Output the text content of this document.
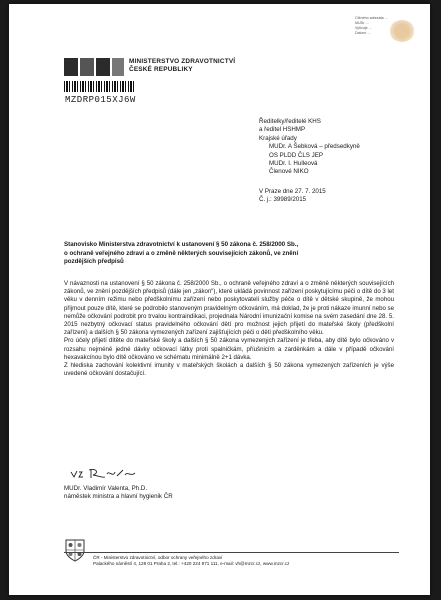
MINISTERSTVO ZDRAVOTNICTVÍ
ČESKÉ REPUBLIKY
MZDRP015XJ6W
Ctěného adresáta ...
MUDr. ...
Vyřizuje ...
Datum: ...
Ředitelky/ředitelé KHS
a ředitel HSHMP
Krajské úřady
MUDr. A Šebková – předsedkyně
OS PLDD ČLS JEP
MUDr. I. Hulleová
Členové NIKO
V Praze dne 27. 7. 2015
Č. j.: 39989/2015
Stanovisko Ministerstva zdravotnictví k ustanovení § 50 zákona č. 258/2000 Sb.,
o ochraně veřejného zdraví a o změně některých souvisejících zákonů, ve znění
pozdějších předpisů

V návaznosti na ustanovení § 50 zákona č. 258/2000 Sb., o ochraně veřejného zdraví a o změně některých souvisejících zákonů, ve znění pozdějších předpisů (dále jen „zákon“), které ukládá povinnost zařízení poskytujícímu péči o dítě do 3 let věku v denním režimu nebo předškolnímu zařízení nebo poskytovateli služby péče o dítě v dětské skupině, že mohou přijmout pouze dítě, které se podrobilo stanoveným pravidelným očkováním, má doklad, že je proti nákaze imunní nebo se nemůže očkování podrobit pro trvalou kontraindikaci, projednala Národní imunizační komise na svém zasedání dne 28. 5. 2015 nezbytný očkovací status pravidelného očkování dětí pro možnost jejich přijetí do mateřské školy (předškolní zařízení) a dalších § 50 zákona vymezených zařízení zajišťujících péči o děti předškolního věku.

Pro účely přijetí dítěte do mateřské školy a dalších § 50 zákona vymezených zařízení je třeba, aby dítě bylo očkováno v rozsahu nejméně jedné dávky očkovací látky proti spalničkám, příušnicím a zarděnkám a dále v případě očkování hexavakcínou bylo dítě očkováno ve schématu minimálně 2+1 dávka.

Z hlediska zachování kolektivní imunity v mateřských školách a dalších § 50 zákona vymezených zařízeních je výše uvedené očkování dostačující.

MUDr. Vladimír Valenta, Ph.D.
náměstek ministra a hlavní hygienik ČR
ČR - Ministerstvo zdravotnictví, odbor ochrany veřejného zdraví
Palackého náměstí 4, 128 01 Praha 2, tel.: +420 224 971 111, e-mail: vh@mzcr.cz, www.mzcr.cz
